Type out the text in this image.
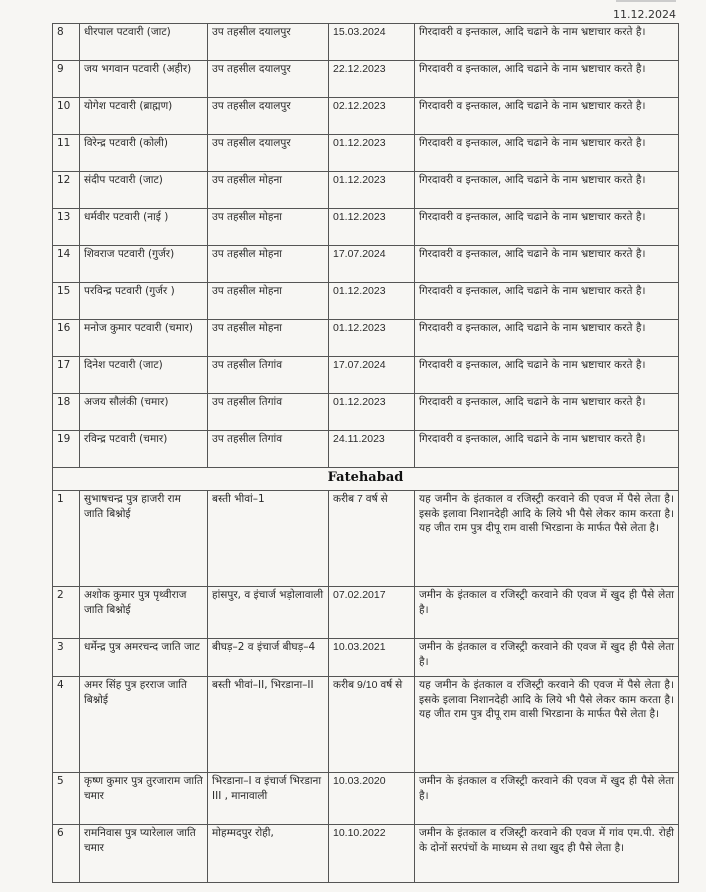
11.12.2024
8	धीरपाल पटवारी (जाट)	उप तहसील दयालपुर	15.03.2024	गिरदावरी व इन्तकाल, आदि चढाने के नाम भ्रष्टाचार करते है।
9	जय भगवान पटवारी (अहीर)	उप तहसील दयालपुर	22.12.2023	गिरदावरी व इन्तकाल, आदि चढाने के नाम भ्रष्टाचार करते है।
10	योगेश पटवारी (ब्राह्मण)	उप तहसील दयालपुर	02.12.2023	गिरदावरी व इन्तकाल, आदि चढाने के नाम भ्रष्टाचार करते है।
11	विरेन्द्र पटवारी (कोली)	उप तहसील दयालपुर	01.12.2023	गिरदावरी व इन्तकाल, आदि चढाने के नाम भ्रष्टाचार करते है।
12	संदीप पटवारी (जाट)	उप तहसील मोहना	01.12.2023	गिरदावरी व इन्तकाल, आदि चढाने के नाम भ्रष्टाचार करते है।
13	धर्मवीर पटवारी (नाई )	उप तहसील मोहना	01.12.2023	गिरदावरी व इन्तकाल, आदि चढाने के नाम भ्रष्टाचार करते है।
14	शिवराज पटवारी (गुर्जर)	उप तहसील मोहना	17.07.2024	गिरदावरी व इन्तकाल, आदि चढाने के नाम भ्रष्टाचार करते है।
15	परविन्द्र पटवारी (गुर्जर )	उप तहसील मोहना	01.12.2023	गिरदावरी व इन्तकाल, आदि चढाने के नाम भ्रष्टाचार करते है।
16	मनोज कुमार पटवारी (चमार)	उप तहसील मोहना	01.12.2023	गिरदावरी व इन्तकाल, आदि चढाने के नाम भ्रष्टाचार करते है।
17	दिनेश पटवारी (जाट)	उप तहसील तिगांव	17.07.2024	गिरदावरी व इन्तकाल, आदि चढाने के नाम भ्रष्टाचार करते है।
18	अजय सौलंकी (चमार)	उप तहसील तिगांव	01.12.2023	गिरदावरी व इन्तकाल, आदि चढाने के नाम भ्रष्टाचार करते है।
19	रविन्द्र पटवारी (चमार)	उप तहसील तिगांव	24.11.2023	गिरदावरी व इन्तकाल, आदि चढाने के नाम भ्रष्टाचार करते है।
Fatehabad				
1	सुभाषचन्द्र पुत्र हाजरी राम जाति बिश्नोई	बस्ती भीवां–1	करीब 7 वर्ष से	यह जमीन के इंतकाल व रजिस्ट्री करवाने की एवज में पैसे लेता है। इसके इलावा निशानदेही आदि के लिये भी पैसे लेकर काम करता है। यह जीत राम पुत्र दीपू राम वासी भिरडाना के मार्फत पैसे लेता है।
2	अशोक कुमार पुत्र पृथ्वीराज जाति बिश्नोई	हांसपुर, व इंचार्ज भड़ोलावाली	07.02.2017	जमीन के इंतकाल व रजिस्ट्री करवाने की एवज में खुद ही पैसे लेता है।
3	धर्मेन्द्र पुत्र अमरचन्द जाति जाट	बीघड़–2 व इंचार्ज बीघड़–4	10.03.2021	जमीन के इंतकाल व रजिस्ट्री करवाने की एवज में खुद ही पैसे लेता है।
4	अमर सिंह पुत्र हरराज जाति बिश्नोई	बस्ती भीवां–II, भिरडाना–II	करीब 9/10 वर्ष से	यह जमीन के इंतकाल व रजिस्ट्री करवाने की एवज में पैसे लेता है। इसके इलावा निशानदेही आदि के लिये भी पैसे लेकर काम करता है। यह जीत राम पुत्र दीपू राम वासी भिरडाना के मार्फत पैसे लेता है।
5	कृष्ण कुमार पुत्र तुरजाराम जाति चमार	भिरडाना–I व इंचार्ज भिरडाना III , मानावाली	10.03.2020	जमीन के इंतकाल व रजिस्ट्री करवाने की एवज में खुद ही पैसे लेता है।
6	रामनिवास पुत्र प्यारेलाल जाति चमार	मोहम्मदपुर रोही,	10.10.2022	जमीन के इंतकाल व रजिस्ट्री करवाने की एवज में गांव एम.पी. रोही के दोनों सरपंचों के माध्यम से तथा खुद ही पैसे लेता है।
